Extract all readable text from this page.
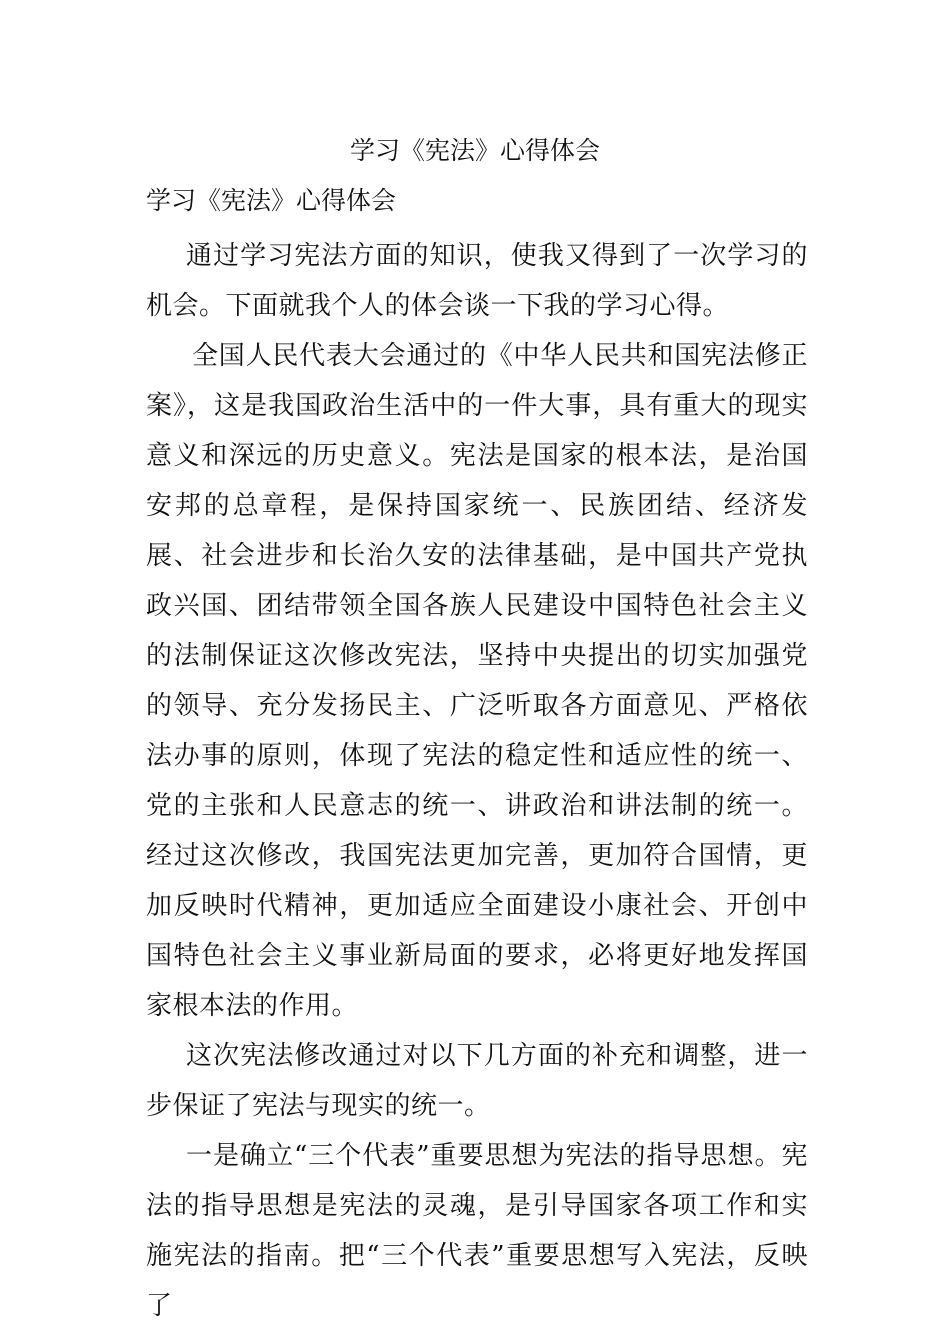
学习《宪法》心得体会
学习《宪法》心得体会

通过学习宪法方面的知识，使我又得到了一次学习的机会。下面就我个人的体会谈一下我的学习心得。

全国人民代表大会通过的《中华人民共和国宪法修正案》，这是我国政治生活中的一件大事，具有重大的现实意义和深远的历史意义。宪法是国家的根本法，是治国安邦的总章程，是保持国家统一、民族团结、经济发展、社会进步和长治久安的法律基础，是中国共产党执政兴国、团结带领全国各族人民建设中国特色社会主义的法制保证这次修改宪法，坚持中央提出的切实加强党的领导、充分发扬民主、广泛听取各方面意见、严格依法办事的原则，体现了宪法的稳定性和适应性的统一、党的主张和人民意志的统一、讲政治和讲法制的统一。经过这次修改，我国宪法更加完善，更加符合国情，更加反映时代精神，更加适应全面建设小康社会、开创中国特色社会主义事业新局面的要求，必将更好地发挥国家根本法的作用。

这次宪法修改通过对以下几方面的补充和调整，进一步保证了宪法与现实的统一。

一是确立“三个代表”重要思想为宪法的指导思想。宪法的指导思想是宪法的灵魂，是引导国家各项工作和实施宪法的指南。把“三个代表”重要思想写入宪法，反映了
